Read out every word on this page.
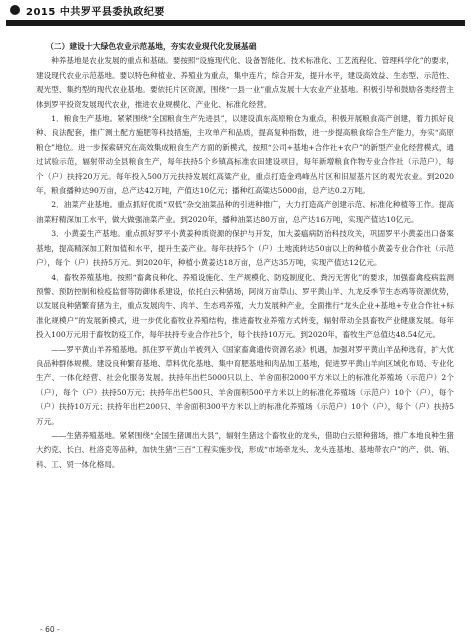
2015 中共罗平县委执政纪要

（二）建设十大绿色农业示范基地，夯实农业现代化发展基础

种养基地是农业发展的重点和基础。要按照“设施现代化、设备智能化、技术标准化、工艺流程化、管理科学化”的要求，建设现代农业示范基地。要以特色种植业、养殖业为重点，集中连片，综合开发，提升水平，建设高效益、生态型、示范性、观光型、集约型的现代农业基地。要依托片区资源，围绕“一县一业”重点发展十大农业产业基地。积极引导和鼓励各类经营主体到罗平投资发展现代农业，推进农业规模化、产业化、标准化经营。

1．粮食生产基地。紧紧围绕“全国粮食生产先进县”，以建设滇东高原粮仓为重点，积极开展粮食高产创建，着力抓好良种、良法配套，推广测土配方施肥等科技措施，主攻单产和品质，提高复种指数，进一步提高粮食综合生产能力，夯实“高原粮仓”地位。进一步探索研究在高效集成粮食生产方面的新模式，按照“公司+基地+合作社+农户”的新型产业化经营模式，通过试验示范，辐射带动全县粮食生产，每年扶持5个乡镇高标准农田建设项目，每年新增粮食作物专业合作社（示范户），每个（户）扶持20万元。每年投入500万元扶持发展红高粱产业，重点打造金鸡峰丛片区和旧屋基片区的观光农业。到2020年，粮食播种达90万亩，总产达42万吨，产值达10亿元；播种红高粱达5000亩，总产达0.2万吨。

2．油菜产业基地。重点抓好优质“双低”杂交油菜品种的引进种推广，大力打造高产创建示范、标准化种植等工作。提高油菜籽精深加工水平，做大做强油菜产业。到2020年，播种油菜达80万亩，总产达16万吨，实现产值达10亿元。

3．小黄姜生产基地。重点抓好罗平小黄姜种质资源的保护与开发，加大姜瘟病防治科技攻关，巩固罗平小黄姜出口备案基地，提高精深加工附加值和水平，提升生姜产业。每年扶持5个（户）土地流转达50亩以上的种植小黄姜专业合作社（示范户），每个（户）扶持5万元。到2020年，种植小黄姜达18万亩，总产达35万吨，实现产值达12亿元。

4．畜牧养殖基地。按照“畜禽良种化、养殖设施化、生产规模化、防疫制度化、粪污无害化”的要求，加强畜禽疫病监测预警、预防控制和检疫监督等防御体系建设，依托白云种猪场，阿岗万亩草山、罗平黄山羊、九龙反季节生态鸡等资源优势，以发展良种猪繁育猪为主，重点发展肉牛、肉羊、生态鸡养殖，大力发展种产业，全面推行“龙头企业+基地+专业合作社+标准化规模户”的发展新模式，进一步优化畜牧业养殖结构，推进畜牧业养殖方式转变，辐射带动全县畜牧产业健康发展。每年投入100万元用于畜牧防疫工作，每年扶持专业合作社5个，每个扶持10万元。到2020年，畜牧生产总值达48.54亿元。

——罗平黄山羊养殖基地。抓住罗平黄山羊被列入《国家畜禽遗传资源名录》机遇，加强对罗平黄山羊品种选育，扩大优良品种群体规模。建设良种繁育基地、草料优化基地、集中育肥基地和肉品加工基地，促进罗平黄山羊向区域化布局、专业化生产、一体化经营、社会化服务发展。扶持年出栏5000只以上、羊舍面积2000平方米以上的标准化养殖场（示范户）2个（户），每个（户）扶持50万元；扶持年出栏500只、羊舍面积500平方米以上的标准化养殖场（示范户）10个（户），每个（户）扶持10万元；扶持年出栏200只、羊舍面积300平方米以上的标准化养殖场（示范户）10个（户），每个（户）扶持5万元。

——生猪养殖基地。紧紧围绕“全国生猪调出大县”，辐射生猪这个畜牧业的龙头，借助白云原种猪场，推广本地良种生猪大约克、长白、杜洛克等品种，加快生猪“三百”工程实施步伐，形成“市场牵龙头、龙头连基地、基地带农户”的产、供、销、科、工、贸一体化格局。

- 60 -
